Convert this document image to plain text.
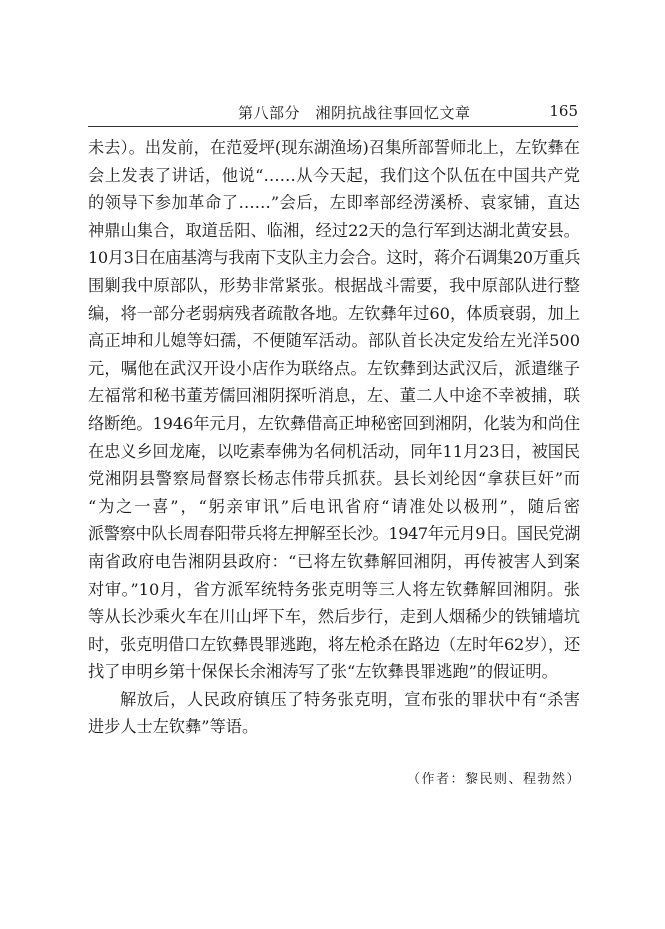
第八部分　湘阴抗战往事回忆文章	165
未去）。出发前，在范爱坪(现东湖渔场)召集所部誓师北上，左钦彝在
会上发表了讲话，他说“……从今天起，我们这个队伍在中国共产党
的领导下参加革命了……”会后，左即率部经涝溪桥、袁家铺，直达
神鼎山集合，取道岳阳、临湘，经过22天的急行军到达湖北黄安县。
10月3日在庙基湾与我南下支队主力会合。这时，蒋介石调集20万重兵
围剿我中原部队，形势非常紧张。根据战斗需要，我中原部队进行整
编，将一部分老弱病残者疏散各地。左钦彝年过60，体质衰弱，加上
高正坤和儿媳等妇孺，不便随军活动。部队首长决定发给左光洋500
元，嘱他在武汉开设小店作为联络点。左钦彝到达武汉后，派遣继子
左福常和秘书董芳儒回湘阴探听消息，左、董二人中途不幸被捕，联
络断绝。1946年元月，左钦彝借高正坤秘密回到湘阴，化装为和尚住
在忠义乡回龙庵，以吃素奉佛为名伺机活动，同年11月23日，被国民
党湘阴县警察局督察长杨志伟带兵抓获。县长刘纶因“拿获巨奸”而
“为之一喜”，“躬亲审讯”后电讯省府“请准处以极刑”，随后密
派警察中队长周春阳带兵将左押解至长沙。1947年元月9日。国民党湖
南省政府电告湘阴县政府：“已将左钦彝解回湘阴，再传被害人到案
对审。”10月，省方派军统特务张克明等三人将左钦彝解回湘阴。张
等从长沙乘火车在川山坪下车，然后步行，走到人烟稀少的铁铺墙坑
时，张克明借口左钦彝畏罪逃跑，将左枪杀在路边（左时年62岁），还
找了申明乡第十保保长余湘涛写了张“左钦彝畏罪逃跑”的假证明。
解放后，人民政府镇压了特务张克明，宣布张的罪状中有“杀害
进步人士左钦彝”等语。
（作者：黎民则、程勃然）
